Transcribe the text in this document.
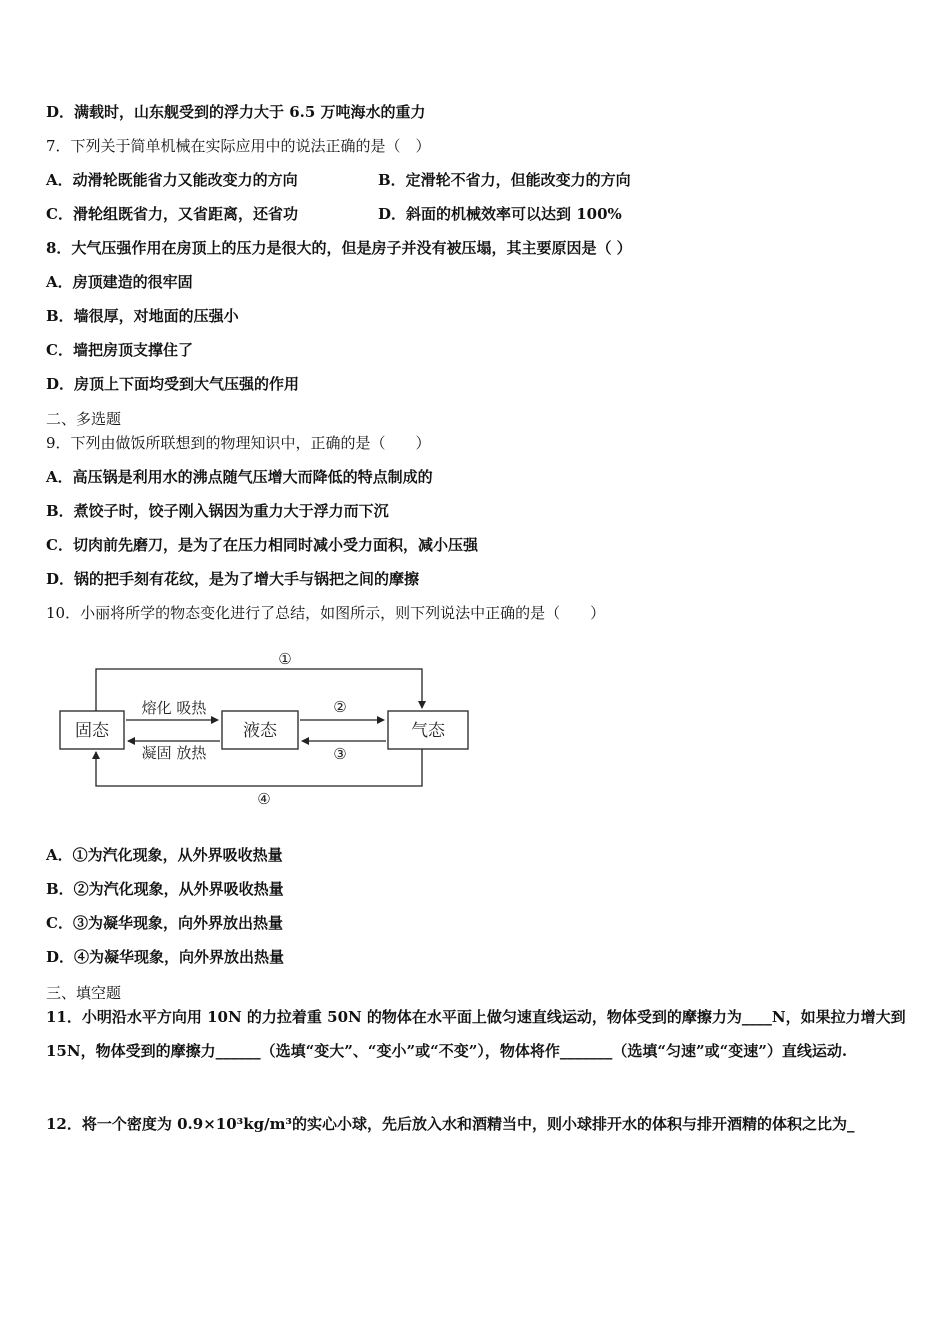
D．满载时，山东舰受到的浮力大于 6.5 万吨海水的重力
7．下列关于简单机械在实际应用中的说法正确的是（　）
A．动滑轮既能省力又能改变力的方向	B．定滑轮不省力，但能改变力的方向
C．滑轮组既省力，又省距离，还省功	D．斜面的机械效率可以达到 100%
8．大气压强作用在房顶上的压力是很大的，但是房子并没有被压塌，其主要原因是（ ）
A．房顶建造的很牢固
B．墙很厚，对地面的压强小
C．墙把房顶支撑住了
D．房顶上下面均受到大气压强的作用
二、多选题
9．下列由做饭所联想到的物理知识中，正确的是（　　）
A．高压锅是利用水的沸点随气压增大而降低的特点制成的
B．煮饺子时，饺子刚入锅因为重力大于浮力而下沉
C．切肉前先磨刀，是为了在压力相同时减小受力面积，减小压强
D．锅的把手刻有花纹，是为了增大手与锅把之间的摩擦
10．小丽将所学的物态变化进行了总结，如图所示，则下列说法中正确的是（　　）
固态	液态	气态
①
熔化 吸热
凝固 放热
②
③
④
A．①为汽化现象，从外界吸收热量
B．②为汽化现象，从外界吸收热量
C．③为凝华现象，向外界放出热量
D．④为凝华现象，向外界放出热量
三、填空题
11．小明沿水平方向用 10N 的力拉着重 50N 的物体在水平面上做匀速直线运动，物体受到的摩擦力为____N，如果拉力增大到 15N，物体受到的摩擦力______（选填“变大”、“变小”或“不变”），物体将作_______（选填“匀速”或“变速”）直线运动.
12．将一个密度为 0.9×10³kg/m³的实心小球，先后放入水和酒精当中，则小球排开水的体积与排开酒精的体积之比为_
